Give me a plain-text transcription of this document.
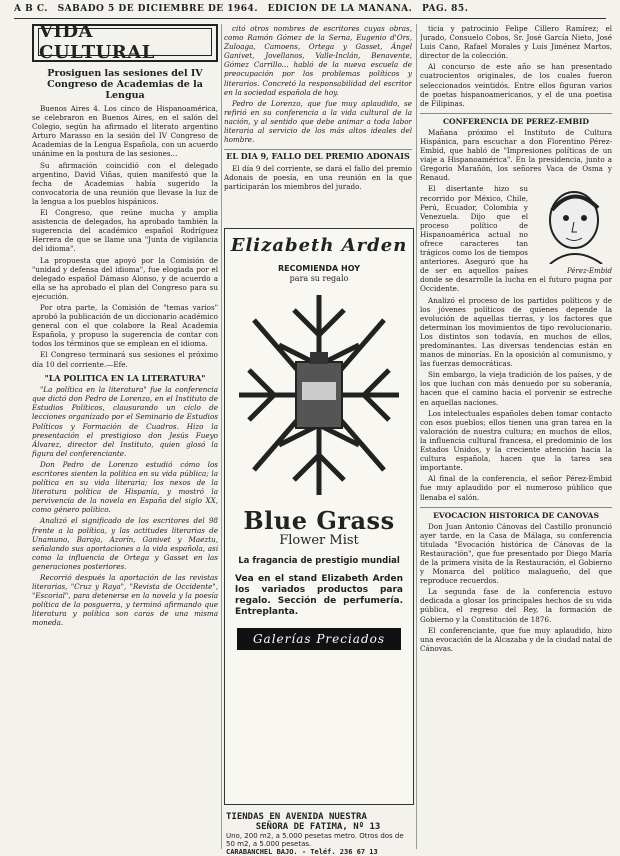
A B C. SABADO 5 DE DICIEMBRE DE 1964. EDICION DE LA MAÑANA. PAG. 85.
VIDA CULTURAL
Prosiguen las sesiones del IV Congreso de Academias de la Lengua

Buenos Aires 4. Los cinco de Hispanoamérica, se celebraron en Buenos Aires, en el salón del Colegio, según ha afirmado el literato argentino Arturo Marasso en la sesión del IV Congreso de Academias de la Lengua Española, con un acuerdo unánime en la postura de las sesiones...

Su afirmación coincidió con el delegado argentino, David Viñas, quien manifestó que la fecha de Academias había sugerido la convocatoria de una reunión que llevase la luz de la lengua a los pueblos hispánicos.

El Congreso, que reúne mucha y amplia asistencia de delegados, ha aprobado también la sugerencia del académico español Rodríguez Herrera de que se llame una "Junta de vigilancia del idioma".

La propuesta que apoyó por la Comisión de "unidad y defensa del idioma", fue elogiada por el delegado español Dámaso Alonso, y de acuerdo a ella se ha aprobado el plan del Congreso para su ejecución.

Por otra parte, la Comisión de "temas varios" aprobó la publicación de un diccionario académico general con el que colabore la Real Academia Española, y propuso la sugerencia de contar con todos los términos que se emplean en el idioma.

El Congreso terminará sus sesiones el próximo día 10 del corriente.—Efe.

"LA POLITICA EN LA LITERATURA"

"La política en la literatura" fue la conferencia que dictó don Pedro de Lorenzo, en el Instituto de Estudios Políticos, clausurando un ciclo de lecciones organizado por el Seminario de Estudios Políticos y Formación de Cuadros. Hizo la presentación el prestigioso don Jesús Fueyo Álvarez, director del Instituto, quien glosó la figura del conferenciante.

Don Pedro de Lorenzo estudió cómo los escritores sienten la política en su vida pública; la política en su vida literaria; los nexos de la literatura política de Hispania, y mostró la pervivencia de la novela en España del siglo XX, como género político.

Analizó el significado de los escritores del 98 frente a la política, y las actitudes literarias de Unamuno, Baroja, Azorín, Ganivet y Maeztu, señalando sus aportaciones a la vida española, así como la influencia de Ortega y Gasset en las generaciones posteriores.

Recorrió después la aportación de las revistas literarias, "Cruz y Raya", "Revista de Occidente", "Escorial", para detenerse en la novela y la poesía política de la posguerra, y terminó afirmando que literatura y política son caras de una misma moneda.

citó otros nombres de escritores cuyas obras, como Ramón Gómez de la Serna, Eugenio d'Ors, Zuloaga, Camoens, Ortega y Gasset, Ángel Ganivet, Jovellanos, Valle-Inclán, Benavente, Gómez Carrillo... habló de la nueva escuela de preocupación por los problemas políticos y literarios. Concretó la responsabilidad del escritor en la sociedad española de hoy.

Pedro de Lorenzo, que fue muy aplaudido, se refirió en su conferencia a la vida cultural de la nación, y al sentido que debe animar a toda labor literaria al servicio de los más altos ideales del hombre.

EL DIA 9, FALLO DEL PREMIO ADONAIS

El día 9 del corriente, se dará el fallo del premio Adonais de poesía, en una reunión en la que participarán los miembros del jurado.

Elizabeth Arden
RECOMIENDA HOY
para su regalo
Blue Grass
Flower Mist
La fragancia de prestigio mundial
Vea en el stand Elizabeth Arden los variados productos para regalo. Sección de perfumería. Entreplanta.
Galerías Preciados
TIENDAS EN AVENIDA NUESTRA
SEÑORA DE FATIMA, Nº 13
Uno, 200 m2, a 5.000 pesetas metro. Otros dos de 50 m2, a 5.000 pesetas.
CARABANCHEL BAJO. - Teléf. 236 67 13

ticia y patrocinio Felipe Cillero Ramírez; el Jurado, Consuelo Cobos, Sr. José García Nieto, José Luis Cano, Rafael Morales y Luis Jiménez Martos, director de la colección.

Al concurso de este año se han presentado cuatrocientos originales, de los cuales fueron seleccionados veintidós. Entre ellos figuran varios de poetas hispanoamericanos, y el de una poetisa de Filipinas.

CONFERENCIA DE PEREZ-EMBID

Mañana próximo el Instituto de Cultura Hispánica, para escuchar a don Florentino Pérez-Embid, que habló de "Impresiones políticas de un viaje a Hispanoamérica". En la presidencia, junto a Gregorio Marañón, los señores Vaca de Osma y Renaud.

Pérez-Embid

El disertante hizo su recorrido por México, Chile, Perú, Ecuador, Colombia y Venezuela. Dijo que el proceso político de Hispanoamérica actual no ofrece caracteres tan trágicos como los de tiempos anteriores. Aseguró que ha de ser en aquellos países donde se desarrolle la lucha en el futuro pugna por Occidente.

Analizó el proceso de los partidos políticos y de los jóvenes políticos de quienes depende la evolución de aquellas tierras, y los factores que determinan los movimientos de tipo revolucionario. Los distintos son todavía, en muchos de ellos, predominantes. Las diversas tendencias están en manos de minorías. En la oposición al comunismo, y las fuerzas democráticas.

Sin embargo, la vieja tradición de los países, y de los que luchan con más denuedo por su soberanía, hacen que el camino hacia el porvenir se estreche en aquellas naciones.

Los intelectuales españoles deben tomar contacto con esos pueblos; ellos tienen una gran tarea en la valoración de nuestra cultura; en muchos de ellos, la influencia cultural francesa, el predominio de los Estados Unidos, y la creciente atención hacia la cultura española, hacen que la tarea sea importante.

Al final de la conferencia, el señor Pérez-Embid fue muy aplaudido por el numeroso público que llenaba el salón.

EVOCACION HISTORICA DE CANOVAS

Don Juan Antonio Cánovas del Castillo pronunció ayer tarde, en la Casa de Málaga, su conferencia titulada "Evocación histórica de Cánovas de la Restauración", que fue presentado por Diego María de la primera visita de la Restauración, el Gobierno y Monarca del político malagueño, del que reproduce recuerdos.

La segunda fase de la conferencia estuvo dedicada a glosar los principales hechos de su vida pública, el regreso del Rey, la formación de Gobierno y la Constitución de 1876.

El conferenciante, que fue muy aplaudido, hizo una evocación de la Alcazaba y de la ciudad natal de Cánovas.
